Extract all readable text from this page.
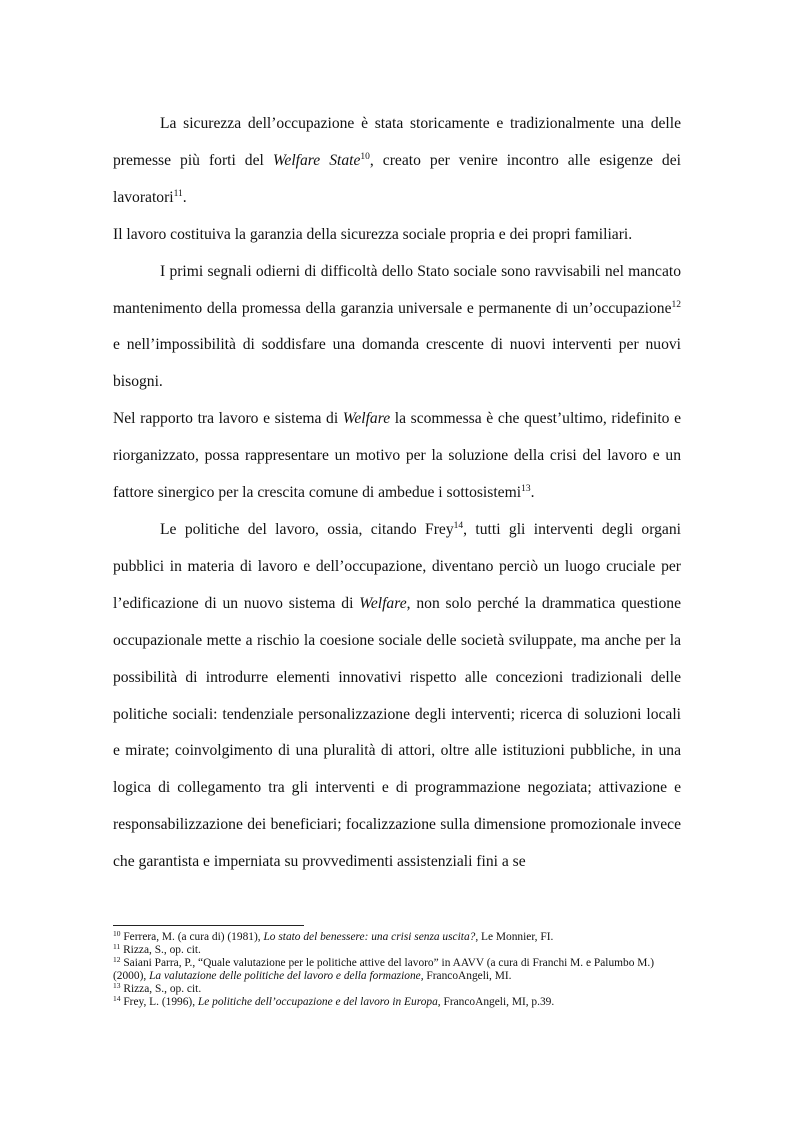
La sicurezza dell’occupazione è stata storicamente e tradizionalmente una delle premesse più forti del Welfare State$^{10}$, creato per venire incontro alle esigenze dei lavoratori$^{11}$.

Il lavoro costituiva la garanzia della sicurezza sociale propria e dei propri familiari.

I primi segnali odierni di difficoltà dello Stato sociale sono ravvisabili nel mancato mantenimento della promessa della garanzia universale e permanente di un’occupazione$^{12}$ e nell’impossibilità di soddisfare una domanda crescente di nuovi interventi per nuovi bisogni.

Nel rapporto tra lavoro e sistema di Welfare la scommessa è che quest’ultimo, ridefinito e riorganizzato, possa rappresentare un motivo per la soluzione della crisi del lavoro e un fattore sinergico per la crescita comune di ambedue i sottosistemi$^{13}$.

Le politiche del lavoro, ossia, citando Frey$^{14}$, tutti gli interventi degli organi pubblici in materia di lavoro e dell’occupazione, diventano perciò un luogo cruciale per l’edificazione di un nuovo sistema di Welfare, non solo perché la drammatica questione occupazionale mette a rischio la coesione sociale delle società sviluppate, ma anche per la possibilità di introdurre elementi innovativi rispetto alle concezioni tradizionali delle politiche sociali: tendenziale personalizzazione degli interventi; ricerca di soluzioni locali e mirate; coinvolgimento di una pluralità di attori, oltre alle istituzioni pubbliche, in una logica di collegamento tra gli interventi e di programmazione negoziata; attivazione e responsabilizzazione dei beneficiari; focalizzazione sulla dimensione promozionale invece che garantista e imperniata su provvedimenti assistenziali fini a se

$^{10}$ Ferrera, M. (a cura di) (1981), Lo stato del benessere: una crisi senza uscita?, Le Monnier, FI.

$^{11}$ Rizza, S., op. cit.

$^{12}$ Saiani Parra, P., “Quale valutazione per le politiche attive del lavoro” in AAVV (a cura di Franchi M. e Palumbo M.) (2000), La valutazione delle politiche del lavoro e della formazione, FrancoAngeli, MI.

$^{13}$ Rizza, S., op. cit.

$^{14}$ Frey, L. (1996), Le politiche dell’occupazione e del lavoro in Europa, FrancoAngeli, MI, p.39.
